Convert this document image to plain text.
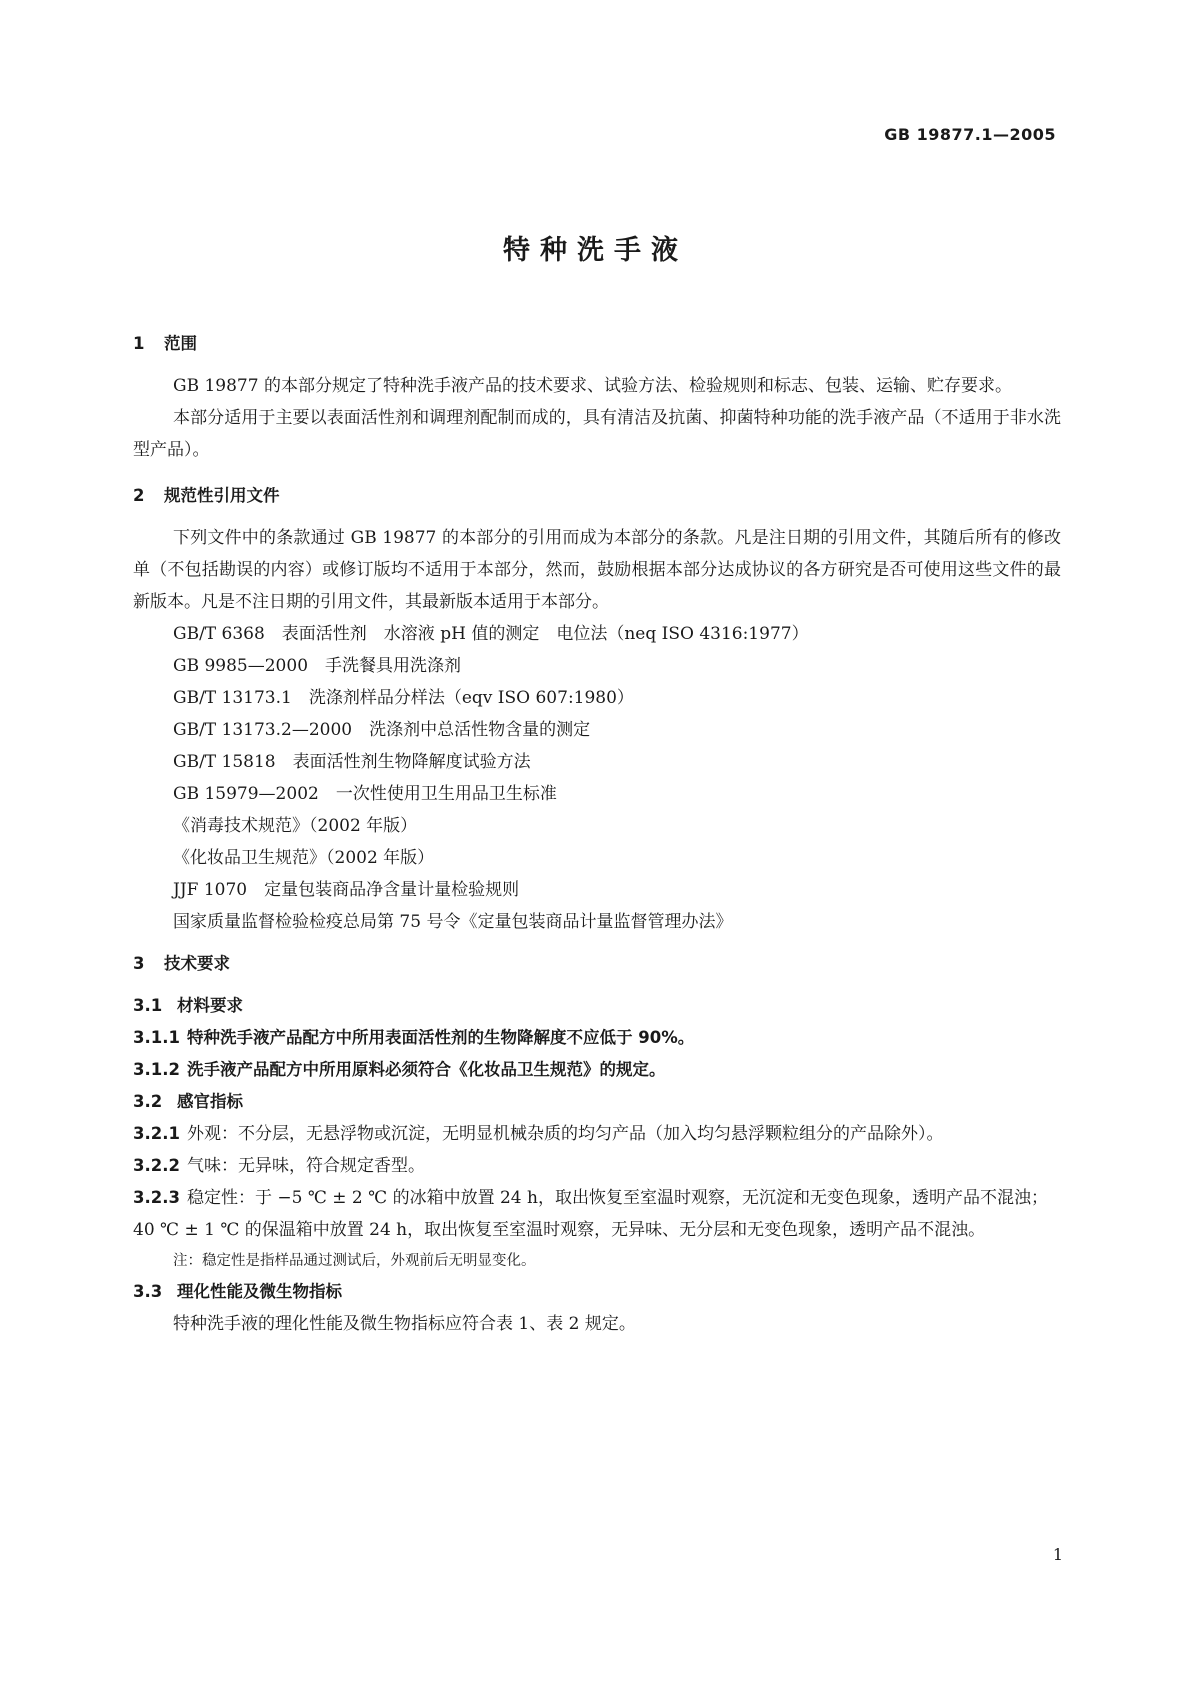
GB 19877.1—2005
特种洗手液
1 范围

GB 19877 的本部分规定了特种洗手液产品的技术要求、试验方法、检验规则和标志、包装、运输、贮存要求。

本部分适用于主要以表面活性剂和调理剂配制而成的，具有清洁及抗菌、抑菌特种功能的洗手液产品（不适用于非水洗型产品）。

2 规范性引用文件

下列文件中的条款通过 GB 19877 的本部分的引用而成为本部分的条款。凡是注日期的引用文件，其随后所有的修改单（不包括勘误的内容）或修订版均不适用于本部分，然而，鼓励根据本部分达成协议的各方研究是否可使用这些文件的最新版本。凡是不注日期的引用文件，其最新版本适用于本部分。

GB/T 6368　表面活性剂　水溶液 pH 值的测定　电位法（neq ISO 4316:1977）

GB 9985—2000　手洗餐具用洗涤剂

GB/T 13173.1　洗涤剂样品分样法（eqv ISO 607:1980）

GB/T 13173.2—2000　洗涤剂中总活性物含量的测定

GB/T 15818　表面活性剂生物降解度试验方法

GB 15979—2002　一次性使用卫生用品卫生标准

《消毒技术规范》（2002 年版）

《化妆品卫生规范》（2002 年版）

JJF 1070　定量包装商品净含量计量检验规则

国家质量监督检验检疫总局第 75 号令《定量包装商品计量监督管理办法》

3 技术要求
3.1 材料要求
3.1.1 特种洗手液产品配方中所用表面活性剂的生物降解度不应低于 90%。
3.1.2 洗手液产品配方中所用原料必须符合《化妆品卫生规范》的规定。
3.2 感官指标
3.2.1 外观：不分层，无悬浮物或沉淀，无明显机械杂质的均匀产品（加入均匀悬浮颗粒组分的产品除外）。
3.2.2 气味：无异味，符合规定香型。
3.2.3 稳定性：于 −5 ℃ ± 2 ℃ 的冰箱中放置 24 h，取出恢复至室温时观察，无沉淀和无变色现象，透明产品不混浊；40 ℃ ± 1 ℃ 的保温箱中放置 24 h，取出恢复至室温时观察，无异味、无分层和无变色现象，透明产品不混浊。
注：稳定性是指样品通过测试后，外观前后无明显变化。
3.3 理化性能及微生物指标

特种洗手液的理化性能及微生物指标应符合表 1、表 2 规定。

1
